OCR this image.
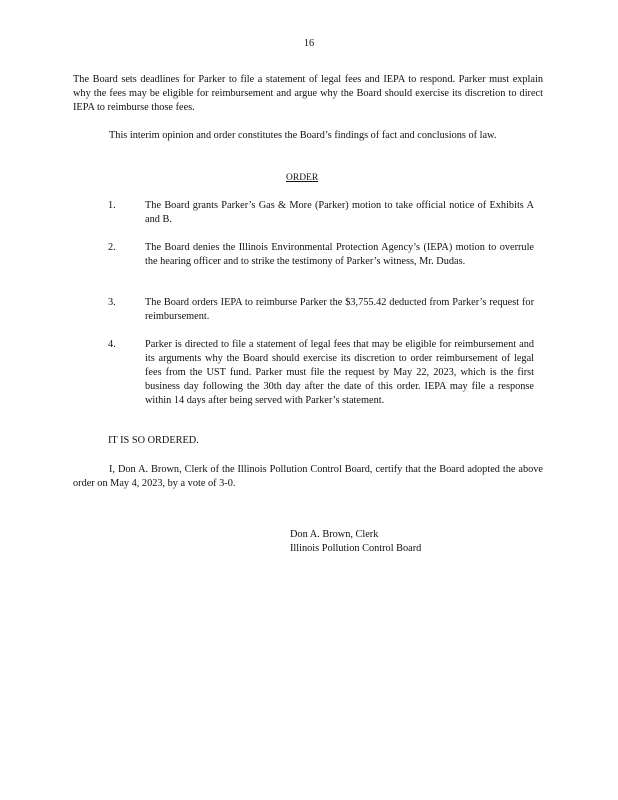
16

The Board sets deadlines for Parker to file a statement of legal fees and IEPA to respond. Parker must explain why the fees may be eligible for reimbursement and argue why the Board should exercise its discretion to direct IEPA to reimburse those fees.

This interim opinion and order constitutes the Board’s findings of fact and conclusions of law.

ORDER
1.	The Board grants Parker’s Gas & More (Parker) motion to take official notice of Exhibits A and B.
2.	The Board denies the Illinois Environmental Protection Agency’s (IEPA) motion to overrule the hearing officer and to strike the testimony of Parker’s witness, Mr. Dudas.
3.	The Board orders IEPA to reimburse Parker the $3,755.42 deducted from Parker’s request for reimbursement.
4.	Parker is directed to file a statement of legal fees that may be eligible for reimbursement and its arguments why the Board should exercise its discretion to order reimbursement of legal fees from the UST fund. Parker must file the request by May 22, 2023, which is the first business day following the 30th day after the date of this order. IEPA may file a response within 14 days after being served with Parker’s statement.
IT IS SO ORDERED.

I, Don A. Brown, Clerk of the Illinois Pollution Control Board, certify that the Board adopted the above order on May 4, 2023, by a vote of 3-0.

Don A. Brown, Clerk
Illinois Pollution Control Board
